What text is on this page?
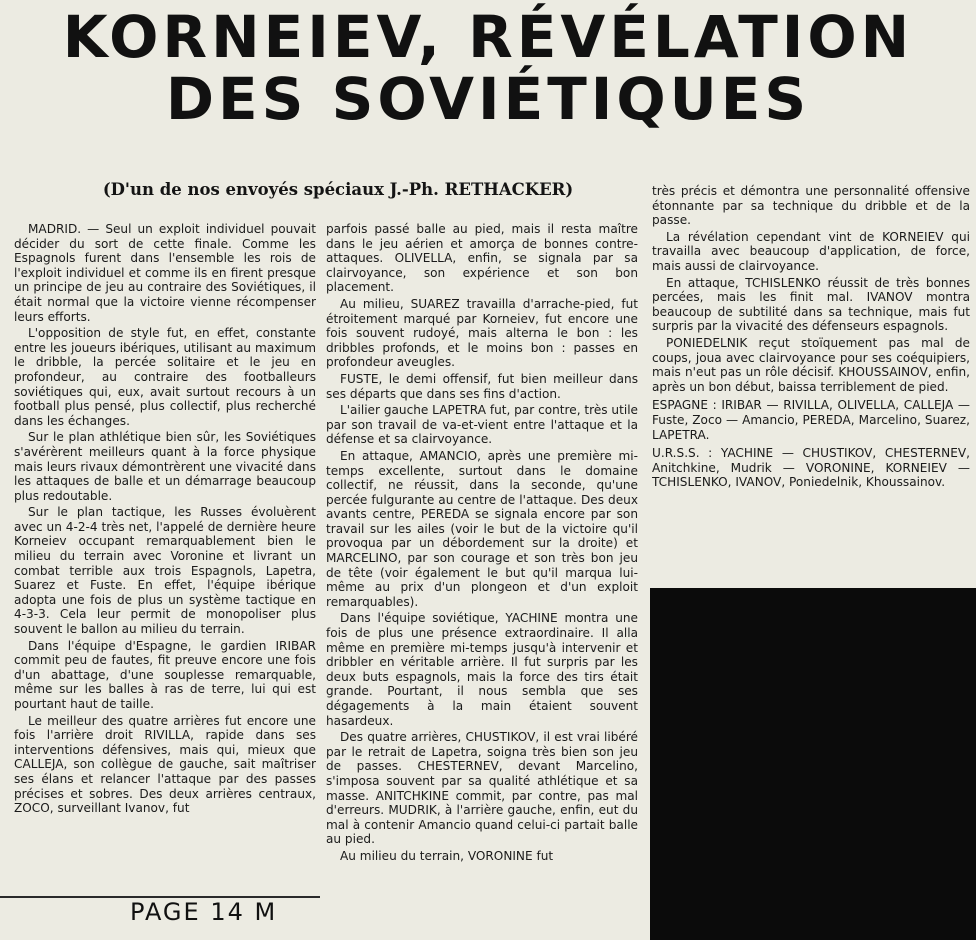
KORNEIEV, RÉVÉLATION
DES SOVIÉTIQUES
(D'un de nos envoyés spéciaux J.-Ph. RETHACKER)

MADRID. — Seul un exploit individuel pouvait décider du sort de cette finale. Comme les Espagnols furent dans l'ensemble les rois de l'exploit individuel et comme ils en firent presque un principe de jeu au contraire des Soviétiques, il était normal que la victoire vienne récompenser leurs efforts.

L'opposition de style fut, en effet, constante entre les joueurs ibériques, utilisant au maximum le dribble, la percée solitaire et le jeu en profondeur, au contraire des footballeurs soviétiques qui, eux, avait surtout recours à un football plus pensé, plus collectif, plus recherché dans les échanges.

Sur le plan athlétique bien sûr, les Soviétiques s'avérèrent meilleurs quant à la force physique mais leurs rivaux démontrèrent une vivacité dans les attaques de balle et un démarrage beaucoup plus redoutable.

Sur le plan tactique, les Russes évoluèrent avec un 4-2-4 très net, l'appelé de dernière heure Korneiev occupant remarquablement bien le milieu du terrain avec Voronine et livrant un combat terrible aux trois Espagnols, Lapetra, Suarez et Fuste. En effet, l'équipe ibérique adopta une fois de plus un système tactique en 4-3-3. Cela leur permit de monopoliser plus souvent le ballon au milieu du terrain.

Dans l'équipe d'Espagne, le gardien IRIBAR commit peu de fautes, fit preuve encore une fois d'un abattage, d'une souplesse remarquable, même sur les balles à ras de terre, lui qui est pourtant haut de taille.

Le meilleur des quatre arrières fut encore une fois l'arrière droit RIVILLA, rapide dans ses interventions défensives, mais qui, mieux que CALLEJA, son collègue de gauche, sait maîtriser ses élans et relancer l'attaque par des passes précises et sobres. Des deux arrières centraux, ZOCO, surveillant Ivanov, fut

PAGE 14 M

parfois passé balle au pied, mais il resta maître dans le jeu aérien et amorça de bonnes contre-attaques. OLIVELLA, enfin, se signala par sa clairvoyance, son expérience et son bon placement.

Au milieu, SUAREZ travailla d'arrache-pied, fut étroitement marqué par Korneiev, fut encore une fois souvent rudoyé, mais alterna le bon : les dribbles profonds, et le moins bon : passes en profondeur aveugles.

FUSTE, le demi offensif, fut bien meilleur dans ses départs que dans ses fins d'action.

L'ailier gauche LAPETRA fut, par contre, très utile par son travail de va-et-vient entre l'attaque et la défense et sa clairvoyance.

En attaque, AMANCIO, après une première mi-temps excellente, surtout dans le domaine collectif, ne réussit, dans la seconde, qu'une percée fulgurante au centre de l'attaque. Des deux avants centre, PEREDA se signala encore par son travail sur les ailes (voir le but de la victoire qu'il provoqua par un débordement sur la droite) et MARCELINO, par son courage et son très bon jeu de tête (voir également le but qu'il marqua lui-même au prix d'un plongeon et d'un exploit remarquables).

Dans l'équipe soviétique, YACHINE montra une fois de plus une présence extraordinaire. Il alla même en première mi-temps jusqu'à intervenir et dribbler en véritable arrière. Il fut surpris par les deux buts espagnols, mais la force des tirs était grande. Pourtant, il nous sembla que ses dégagements à la main étaient souvent hasardeux.

Des quatre arrières, CHUSTIKOV, il est vrai libéré par le retrait de Lapetra, soigna très bien son jeu de passes. CHESTERNEV, devant Marcelino, s'imposa souvent par sa qualité athlétique et sa masse. ANITCHKINE commit, par contre, pas mal d'erreurs. MUDRIK, à l'arrière gauche, enfin, eut du mal à contenir Amancio quand celui-ci partait balle au pied.

Au milieu du terrain, VORONINE fut

très précis et démontra une personnalité offensive étonnante par sa technique du dribble et de la passe.

La révélation cependant vint de KORNEIEV qui travailla avec beaucoup d'application, de force, mais aussi de clairvoyance.

En attaque, TCHISLENKO réussit de très bonnes percées, mais les finit mal. IVANOV montra beaucoup de subtilité dans sa technique, mais fut surpris par la vivacité des défenseurs espagnols.

PONIEDELNIK reçut stoïquement pas mal de coups, joua avec clairvoyance pour ses coéquipiers, mais n'eut pas un rôle décisif. KHOUSSAINOV, enfin, après un bon début, baissa terriblement de pied.

ESPAGNE : IRIBAR — RIVILLA, OLIVELLA, CALLEJA — Fuste, Zoco — Amancio, PEREDA, Marcelino, Suarez, LAPETRA.

U.R.S.S. : YACHINE — CHUSTIKOV, CHESTERNEV, Anitchkine, Mudrik — VORONINE, KORNEIEV — TCHISLENKO, IVANOV, Poniedelnik, Khoussainov.
